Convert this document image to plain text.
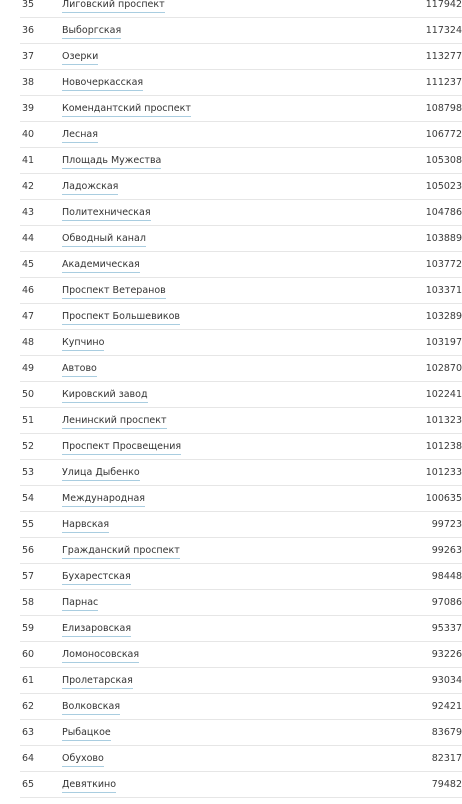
35	Лиговский проспект	117942
36	Выборгская	117324
37	Озерки	113277
38	Новочеркасская	111237
39	Комендантский проспект	108798
40	Лесная	106772
41	Площадь Мужества	105308
42	Ладожская	105023
43	Политехническая	104786
44	Обводный канал	103889
45	Академическая	103772
46	Проспект Ветеранов	103371
47	Проспект Большевиков	103289
48	Купчино	103197
49	Автово	102870
50	Кировский завод	102241
51	Ленинский проспект	101323
52	Проспект Просвещения	101238
53	Улица Дыбенко	101233
54	Международная	100635
55	Нарвская	99723
56	Гражданский проспект	99263
57	Бухарестская	98448
58	Парнас	97086
59	Елизаровская	95337
60	Ломоносовская	93226
61	Пролетарская	93034
62	Волковская	92421
63	Рыбацкое	83679
64	Обухово	82317
65	Девяткино	79482
